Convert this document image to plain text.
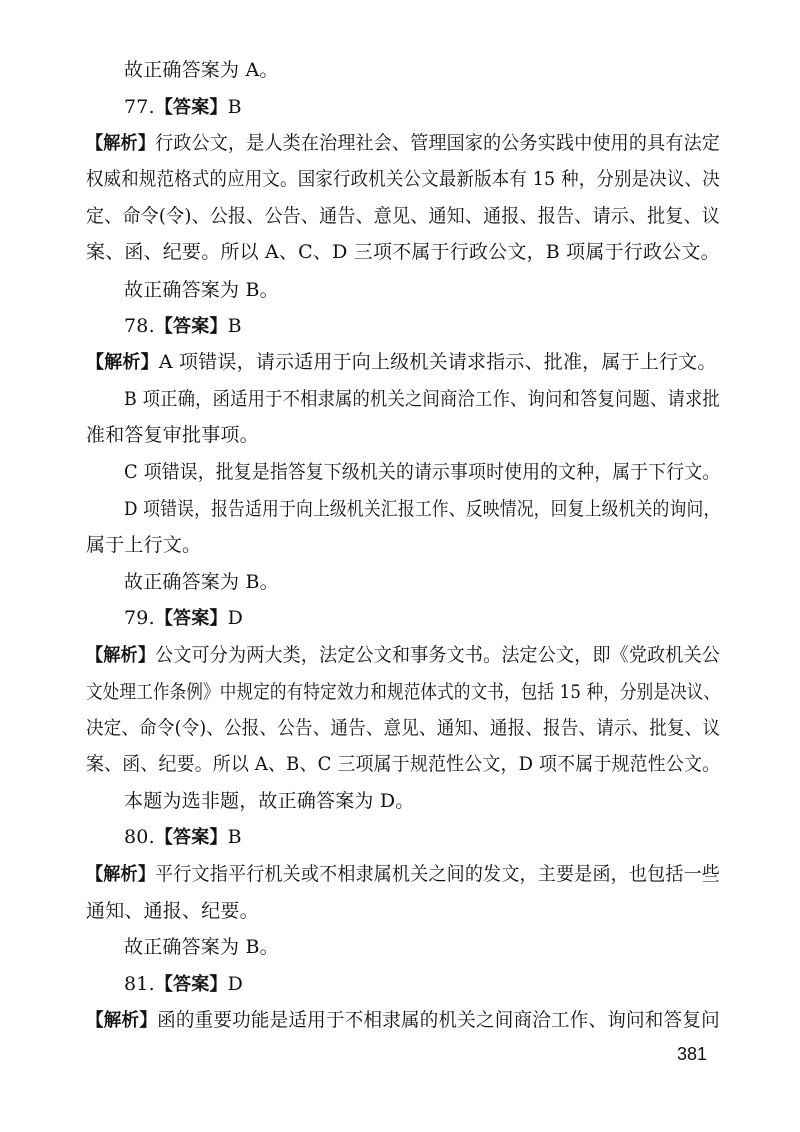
故正确答案为 A。
77.【答案】B
【解析】行政公文，是人类在治理社会、管理国家的公务实践中使用的具有法定
权威和规范格式的应用文。国家行政机关公文最新版本有 15 种，分别是决议、决
定、命令(令)、公报、公告、通告、意见、通知、通报、报告、请示、批复、议
案、函、纪要。所以 A、C、D 三项不属于行政公文，B 项属于行政公文。
故正确答案为 B。
78.【答案】B
【解析】A 项错误，请示适用于向上级机关请求指示、批准，属于上行文。
B 项正确，函适用于不相隶属的机关之间商洽工作、询问和答复问题、请求批
准和答复审批事项。
C 项错误，批复是指答复下级机关的请示事项时使用的文种，属于下行文。
D 项错误，报告适用于向上级机关汇报工作、反映情况，回复上级机关的询问，
属于上行文。
故正确答案为 B。
79.【答案】D
【解析】公文可分为两大类，法定公文和事务文书。法定公文，即《党政机关公
文处理工作条例》中规定的有特定效力和规范体式的文书，包括 15 种，分别是决议、
决定、命令(令)、公报、公告、通告、意见、通知、通报、报告、请示、批复、议
案、函、纪要。所以 A、B、C 三项属于规范性公文，D 项不属于规范性公文。
本题为选非题，故正确答案为 D。
80.【答案】B
【解析】平行文指平行机关或不相隶属机关之间的发文，主要是函，也包括一些
通知、通报、纪要。
故正确答案为 B。
81.【答案】D
【解析】函的重要功能是适用于不相隶属的机关之间商洽工作、询问和答复问
381
